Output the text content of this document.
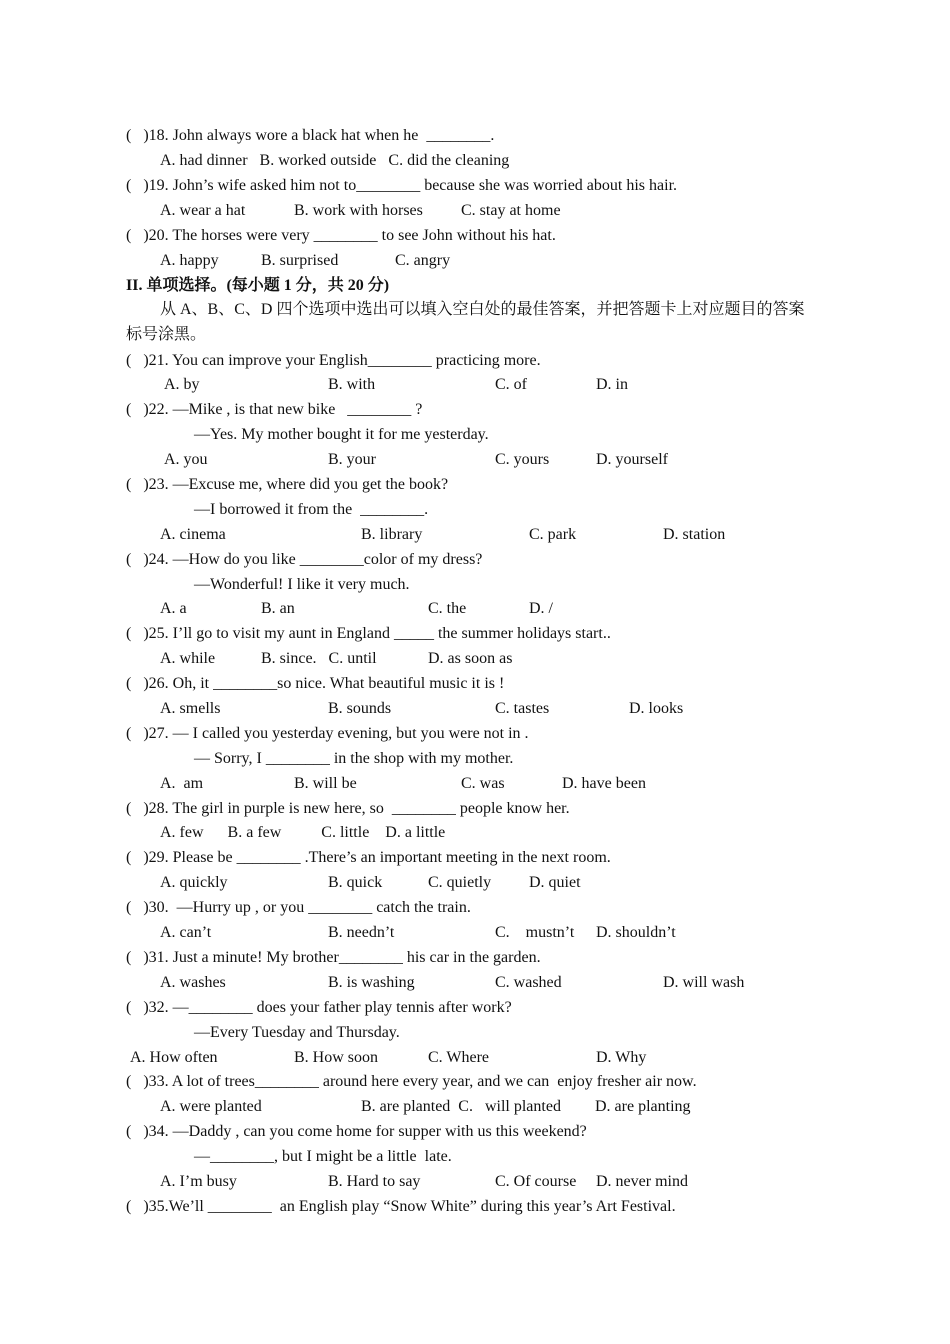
(   )18. John always wore a black hat when he  ________.
A. had dinner   B. worked outside   C. did the cleaning
(   )19. John’s wife asked him not to________ because she was worried about his hair.
A. wear a hat	B. work with horses C. stay at home
(   )20. The horses were very ________ to see John without his hat.
A. happy	B. surprised	C. angry
II. 单项选择。(每小题 1 分，共 20 分)
从 A、B、C、D 四个选项中选出可以填入空白处的最佳答案，并把答题卡上对应题目的答案
标号涂黑。
(   )21. You can improve your English________ practicing more.
A. by	B. with	C. of	D. in
(   )22. —Mike , is that new bike   ________ ?
—Yes. My mother bought it for me yesterday.
A. you	B. your	C. yours	D. yourself
(   )23. —Excuse me, where did you get the book?
—I borrowed it from the  ________.
A. cinema	B. library	C. park	D. station
(   )24. —How do you like ________color of my dress?
—Wonderful! I like it very much.
A. a	B. an	C. the	D. /
(   )25. I’ll go to visit my aunt in England _____ the summer holidays start..
A. while	B. since.   C. until	D. as soon as
(   )26. Oh, it ________so nice. What beautiful music it is !
A. smells	B. sounds	C. tastes	D. looks
(   )27. — I called you yesterday evening, but you were not in .
— Sorry, I ________ in the shop with my mother.
A.  am	B. will be	C. was	D. have been
(   )28. The girl in purple is new here, so  ________ people know her.
A. few      B. a few          C. little    D. a little
(   )29. Please be ________ .There’s an important meeting in the next room.
A. quickly	B. quick	C. quietly D. quiet
(   )30.  —Hurry up , or you ________ catch the train.
A. can’t	B. needn’t	C.    mustn’t D. shouldn’t
(   )31. Just a minute! My brother________ his car in the garden.
A. washes	B. is washing	C. washed	D. will wash
(   )32. —________ does your father play tennis after work?
—Every Tuesday and Thursday.
A. How often	B. How soon	C. Where	D. Why
(   )33. A lot of trees________ around here every year, and we can  enjoy fresher air now.
A. were planted	B. are planted  C.   will planted D. are planting
(   )34. —Daddy , can you come home for supper with us this weekend?
—________, but I might be a little  late.
A. I’m busy	B. Hard to say	C. Of course D. never mind
(   )35.We’ll ________  an English play “Snow White” during this year’s Art Festival.
